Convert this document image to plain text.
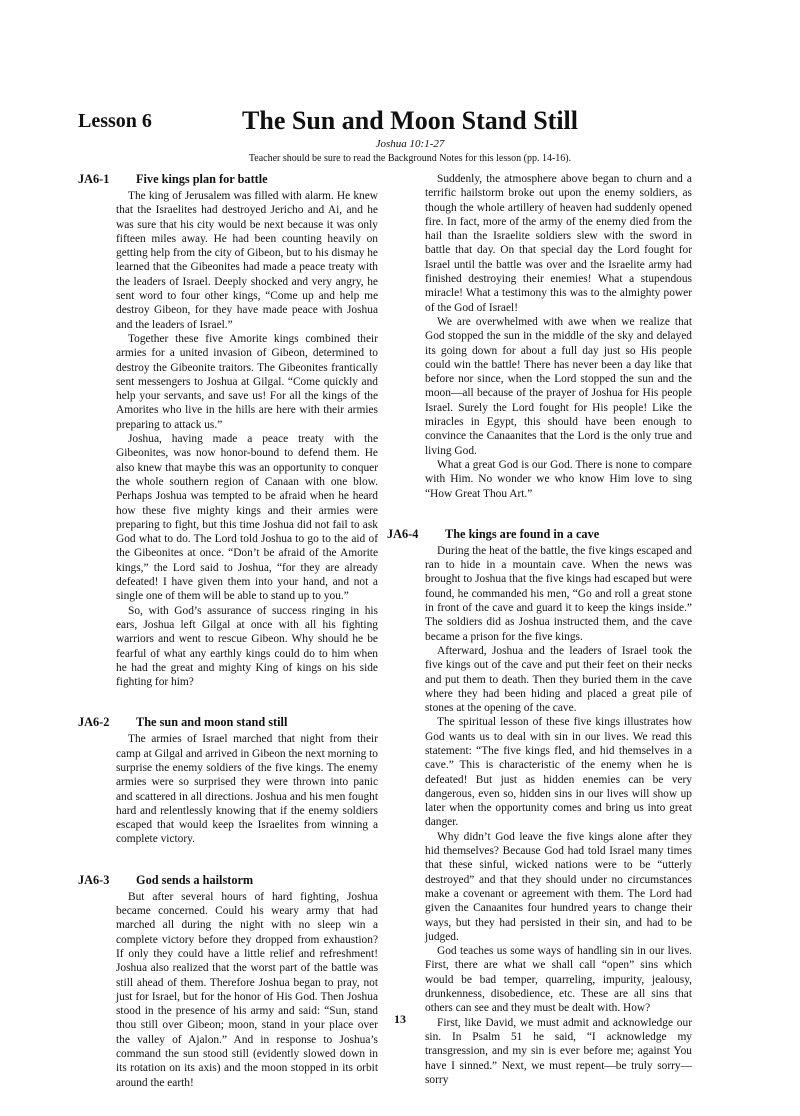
Lesson 6	The Sun and Moon Stand Still
Joshua 10:1-27
Teacher should be sure to read the Background Notes for this lesson (pp. 14-16).
JA6-1 Five kings plan for battle

The king of Jerusalem was filled with alarm. He knew that the Israelites had destroyed Jericho and Ai, and he was sure that his city would be next because it was only fifteen miles away. He had been counting heavily on getting help from the city of Gibeon, but to his dismay he learned that the Gibeonites had made a peace treaty with the leaders of Israel. Deeply shocked and very angry, he sent word to four other kings, “Come up and help me destroy Gibeon, for they have made peace with Joshua and the leaders of Israel.”

Together these five Amorite kings combined their armies for a united invasion of Gibeon, determined to destroy the Gibeonite traitors. The Gibeonites frantically sent messengers to Joshua at Gilgal. “Come quickly and help your servants, and save us! For all the kings of the Amorites who live in the hills are here with their armies preparing to attack us.”

Joshua, having made a peace treaty with the Gibeonites, was now honor-bound to defend them. He also knew that maybe this was an opportunity to conquer the whole southern region of Canaan with one blow. Perhaps Joshua was tempted to be afraid when he heard how these five mighty kings and their armies were preparing to fight, but this time Joshua did not fail to ask God what to do. The Lord told Joshua to go to the aid of the Gibeonites at once. “Don’t be afraid of the Amorite kings,” the Lord said to Joshua, “for they are already defeated! I have given them into your hand, and not a single one of them will be able to stand up to you.”

So, with God’s assurance of success ringing in his ears, Joshua left Gilgal at once with all his fighting warriors and went to rescue Gibeon. Why should he be fearful of what any earthly kings could do to him when he had the great and mighty King of kings on his side fighting for him?

JA6-2 The sun and moon stand still

The armies of Israel marched that night from their camp at Gilgal and arrived in Gibeon the next morning to surprise the enemy soldiers of the five kings. The enemy armies were so surprised they were thrown into panic and scattered in all directions. Joshua and his men fought hard and relentlessly knowing that if the enemy soldiers escaped that would keep the Israelites from winning a complete victory.

JA6-3 God sends a hailstorm

But after several hours of hard fighting, Joshua became concerned. Could his weary army that had marched all during the night with no sleep win a complete victory before they dropped from exhaustion? If only they could have a little relief and refreshment! Joshua also realized that the worst part of the battle was still ahead of them. Therefore Joshua began to pray, not just for Israel, but for the honor of His God. Then Joshua stood in the presence of his army and said: “Sun, stand thou still over Gibeon; moon, stand in your place over the valley of Ajalon.” And in response to Joshua’s command the sun stood still (evidently slowed down in its rotation on its axis) and the moon stopped in its orbit around the earth!

Suddenly, the atmosphere above began to churn and a terrific hailstorm broke out upon the enemy soldiers, as though the whole artillery of heaven had suddenly opened fire. In fact, more of the army of the enemy died from the hail than the Israelite soldiers slew with the sword in battle that day. On that special day the Lord fought for Israel until the battle was over and the Israelite army had finished destroying their enemies! What a stupendous miracle! What a testimony this was to the almighty power of the God of Israel!

We are overwhelmed with awe when we realize that God stopped the sun in the middle of the sky and delayed its going down for about a full day just so His people could win the battle! There has never been a day like that before nor since, when the Lord stopped the sun and the moon—all because of the prayer of Joshua for His people Israel. Surely the Lord fought for His people! Like the miracles in Egypt, this should have been enough to convince the Canaanites that the Lord is the only true and living God.

What a great God is our God. There is none to compare with Him. No wonder we who know Him love to sing “How Great Thou Art.”

JA6-4 The kings are found in a cave

During the heat of the battle, the five kings escaped and ran to hide in a mountain cave. When the news was brought to Joshua that the five kings had escaped but were found, he commanded his men, “Go and roll a great stone in front of the cave and guard it to keep the kings inside.” The soldiers did as Joshua instructed them, and the cave became a prison for the five kings.

Afterward, Joshua and the leaders of Israel took the five kings out of the cave and put their feet on their necks and put them to death. Then they buried them in the cave where they had been hiding and placed a great pile of stones at the opening of the cave.

The spiritual lesson of these five kings illustrates how God wants us to deal with sin in our lives. We read this statement: “The five kings fled, and hid themselves in a cave.” This is characteristic of the enemy when he is defeated! But just as hidden enemies can be very dangerous, even so, hidden sins in our lives will show up later when the opportunity comes and bring us into great danger.

Why didn’t God leave the five kings alone after they hid themselves? Because God had told Israel many times that these sinful, wicked nations were to be “utterly destroyed” and that they should under no circumstances make a covenant or agreement with them. The Lord had given the Canaanites four hundred years to change their ways, but they had persisted in their sin, and had to be judged.

God teaches us some ways of handling sin in our lives. First, there are what we shall call “open” sins which would be bad temper, quarreling, impurity, jealousy, drunkenness, disobedience, etc. These are all sins that others can see and they must be dealt with. How?

First, like David, we must admit and acknowledge our sin. In Psalm 51 he said, “I acknowledge my transgression, and my sin is ever before me; against You have I sinned.” Next, we must repent—be truly sorry—sorry

13
